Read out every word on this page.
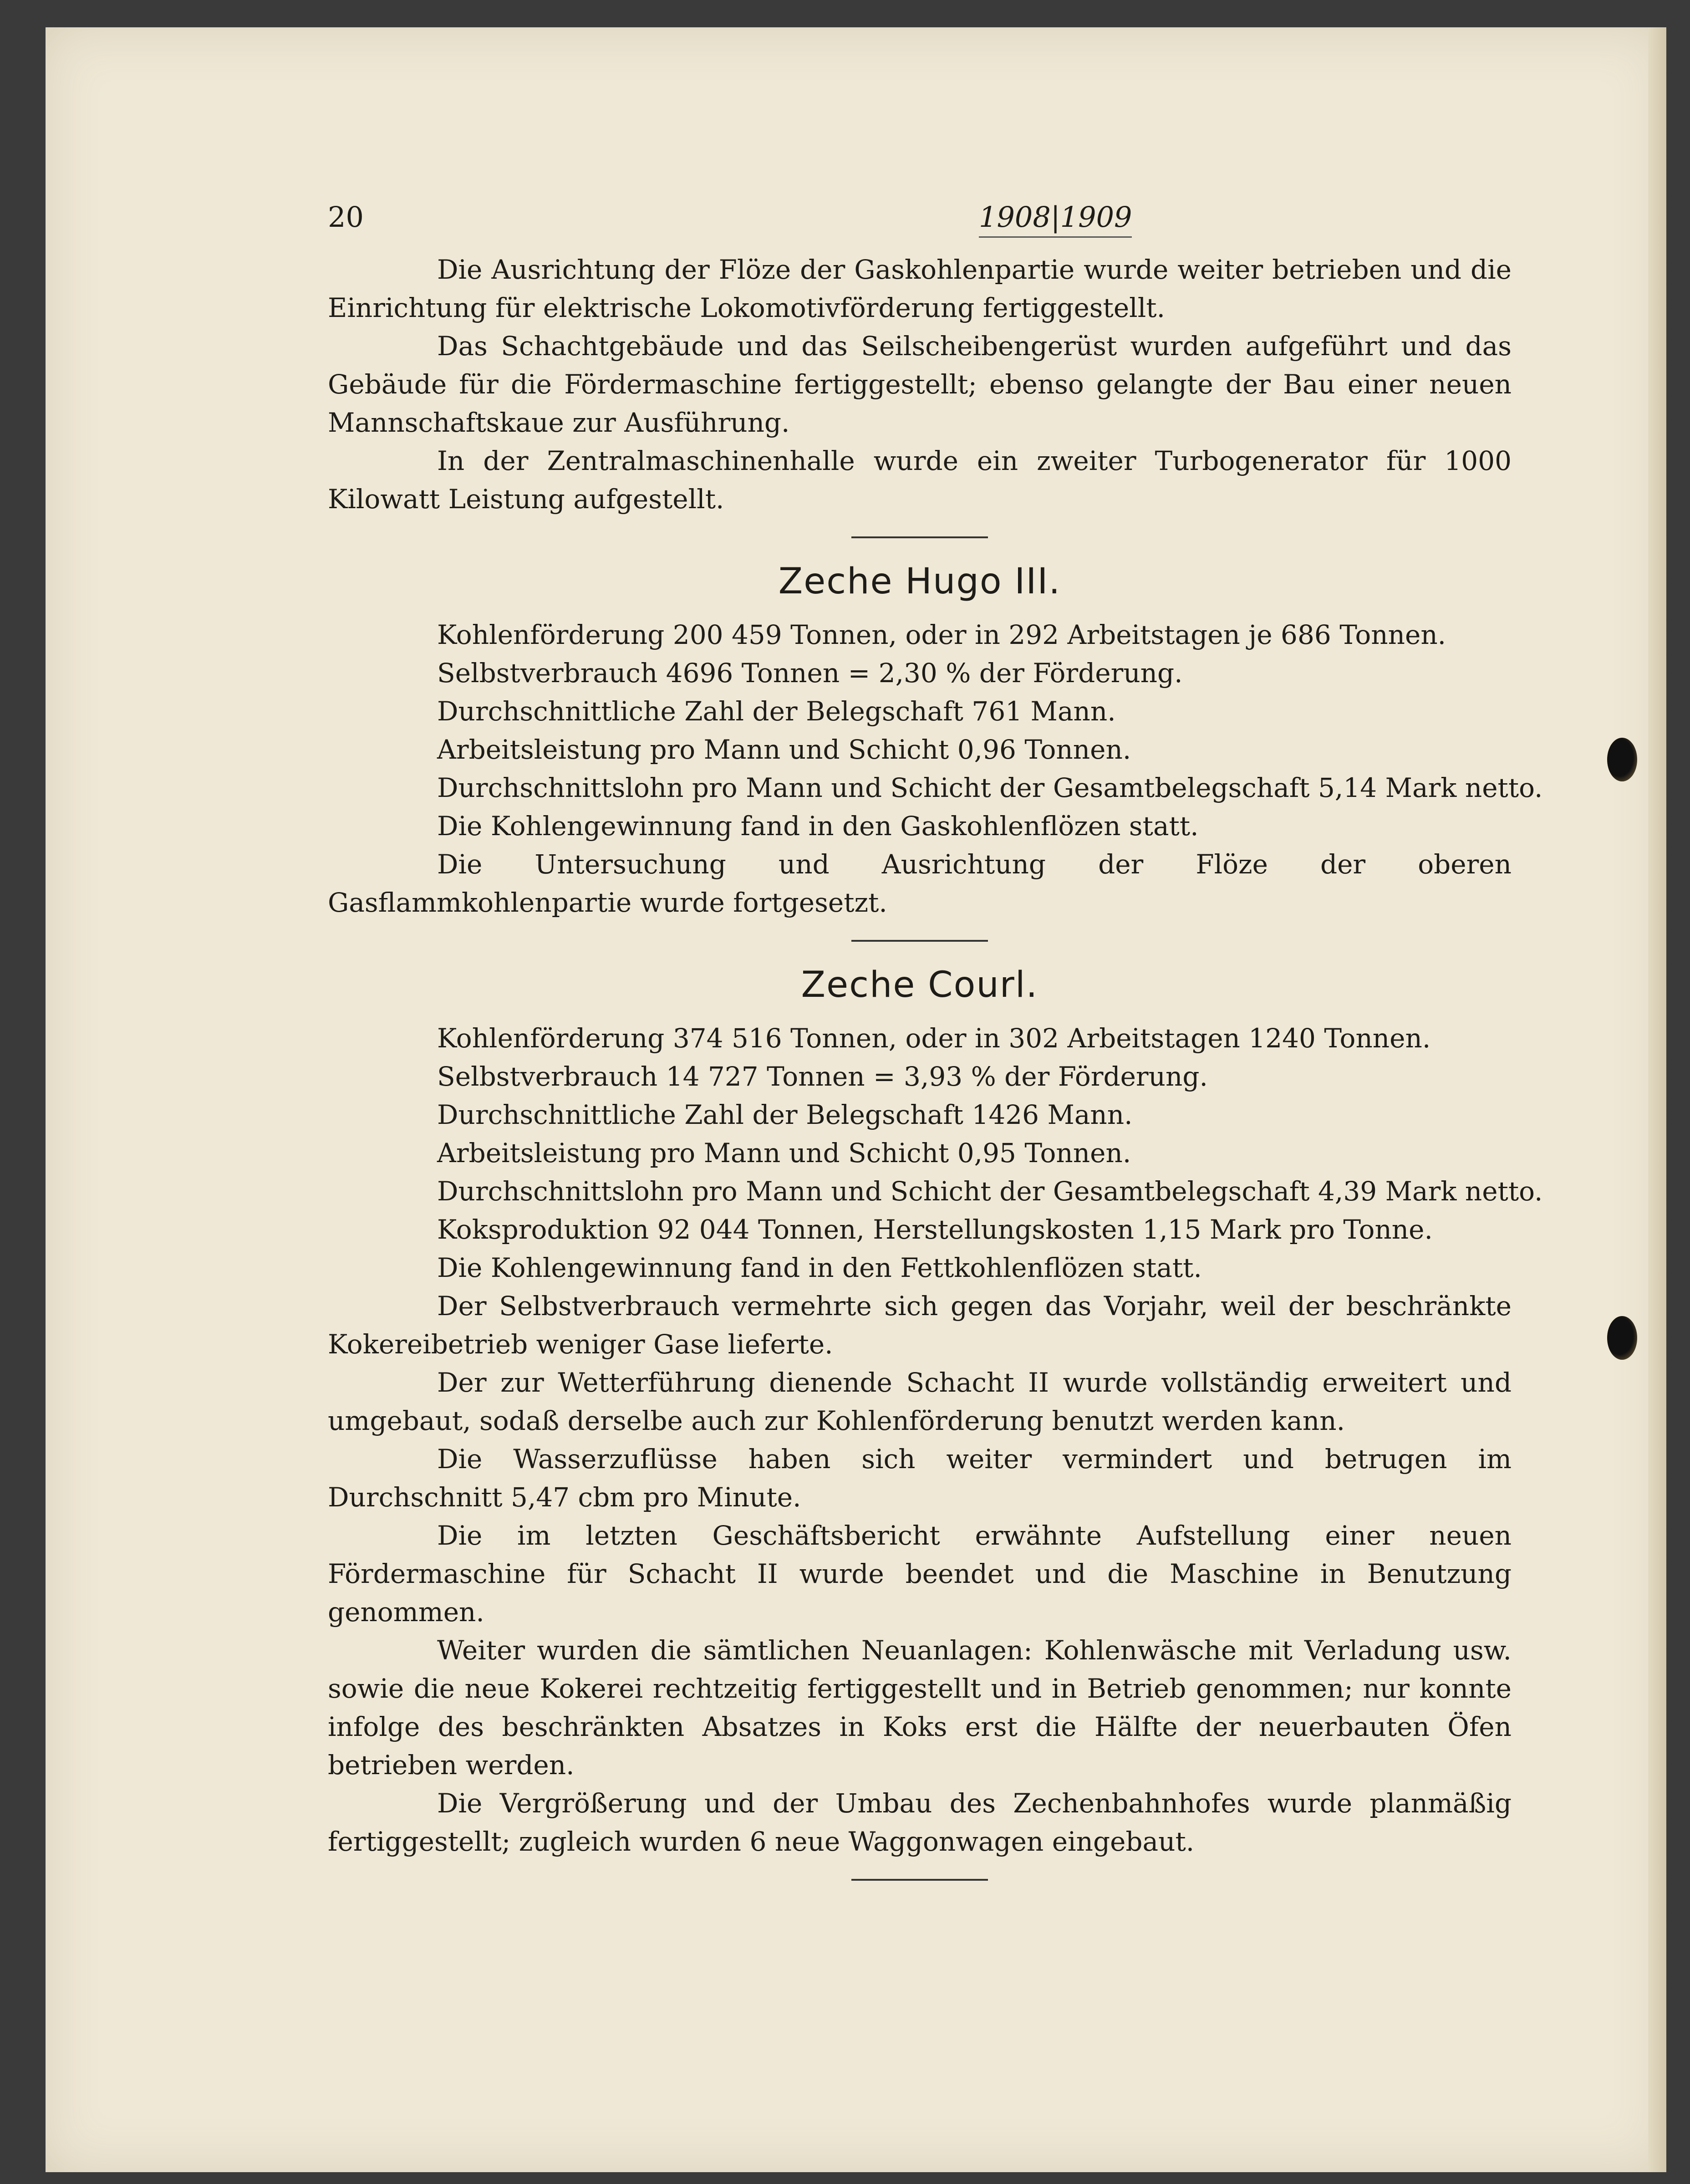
20	1908|1909

Die Ausrichtung der Flöze der Gaskohlenpartie wurde weiter betrieben und die Einrichtung für elektrische Lokomotivförderung fertiggestellt.

Das Schachtgebäude und das Seilscheibengerüst wurden aufgeführt und das Gebäude für die Fördermaschine fertiggestellt; ebenso gelangte der Bau einer neuen Mannschaftskaue zur Ausführung.

In der Zentralmaschinenhalle wurde ein zweiter Turbogenerator für 1000 Kilowatt Leistung aufgestellt.

Zeche Hugo III.

Kohlenförderung 200 459 Tonnen, oder in 292 Arbeitstagen je 686 Tonnen.

Selbstverbrauch 4696 Tonnen = 2,30 % der Förderung.

Durchschnittliche Zahl der Belegschaft 761 Mann.

Arbeitsleistung pro Mann und Schicht 0,96 Tonnen.

Durchschnittslohn pro Mann und Schicht der Gesamtbelegschaft 5,14 Mark netto.

Die Kohlengewinnung fand in den Gaskohlenflözen statt.

Die Untersuchung und Ausrichtung der Flöze der oberen Gasflammkohlenpartie wurde fortgesetzt.

Zeche Courl.

Kohlenförderung 374 516 Tonnen, oder in 302 Arbeitstagen 1240 Tonnen.

Selbstverbrauch 14 727 Tonnen = 3,93 % der Förderung.

Durchschnittliche Zahl der Belegschaft 1426 Mann.

Arbeitsleistung pro Mann und Schicht 0,95 Tonnen.

Durchschnittslohn pro Mann und Schicht der Gesamtbelegschaft 4,39 Mark netto.

Koksproduktion 92 044 Tonnen, Herstellungskosten 1,15 Mark pro Tonne.

Die Kohlengewinnung fand in den Fettkohlenflözen statt.

Der Selbstverbrauch vermehrte sich gegen das Vorjahr, weil der beschränkte Kokereibetrieb weniger Gase lieferte.

Der zur Wetterführung dienende Schacht II wurde vollständig erweitert und umgebaut, sodaß derselbe auch zur Kohlenförderung benutzt werden kann.

Die Wasserzuflüsse haben sich weiter vermindert und betrugen im Durchschnitt 5,47 cbm pro Minute.

Die im letzten Geschäftsbericht erwähnte Aufstellung einer neuen Fördermaschine für Schacht II wurde beendet und die Maschine in Benutzung genommen.

Weiter wurden die sämtlichen Neuanlagen: Kohlenwäsche mit Verladung usw. sowie die neue Kokerei rechtzeitig fertiggestellt und in Betrieb genommen; nur konnte infolge des beschränkten Absatzes in Koks erst die Hälfte der neuerbauten Öfen betrieben werden.

Die Vergrößerung und der Umbau des Zechenbahnhofes wurde planmäßig fertiggestellt; zugleich wurden 6 neue Waggonwagen eingebaut.
